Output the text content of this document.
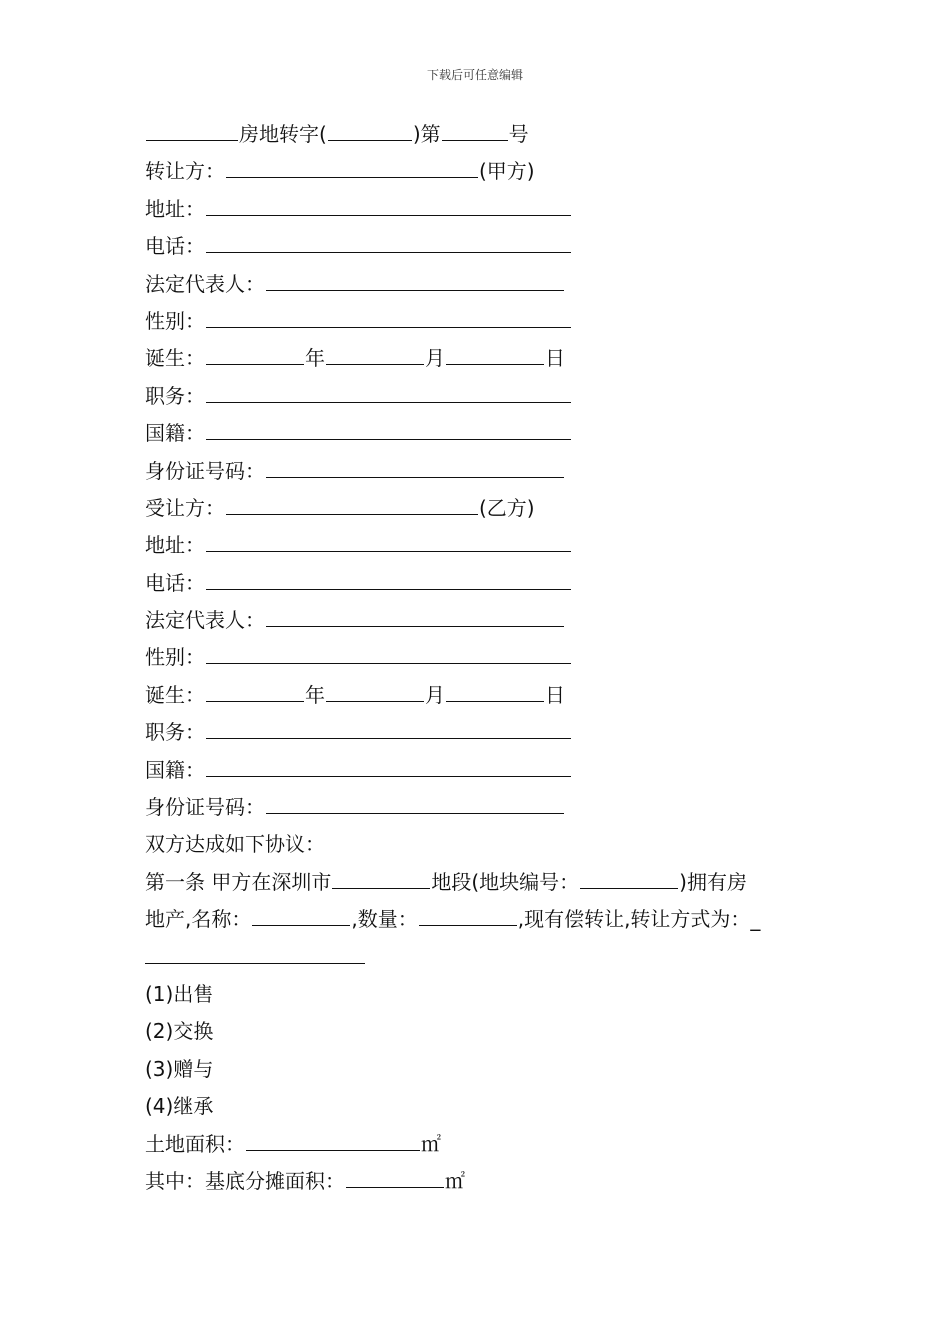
下载后可任意编辑
房地转字(	)第	号
转让方：	(甲方)
地址：
电话：
法定代表人：
性别：
诞生：	年	月	日
职务：
国籍：
身份证号码：
受让方：	(乙方)
地址：
电话：
法定代表人：
性别：
诞生：	年	月	日
职务：
国籍：
身份证号码：
双方达成如下协议：
第一条 甲方在深圳市	地段(地块编号：	)拥有房
地产,名称：	,数量：	,现有偿转让,转让方式为：_
(1)出售
(2)交换
(3)赠与
(4)继承
土地面积：	㎡
其中：基底分摊面积：	㎡
